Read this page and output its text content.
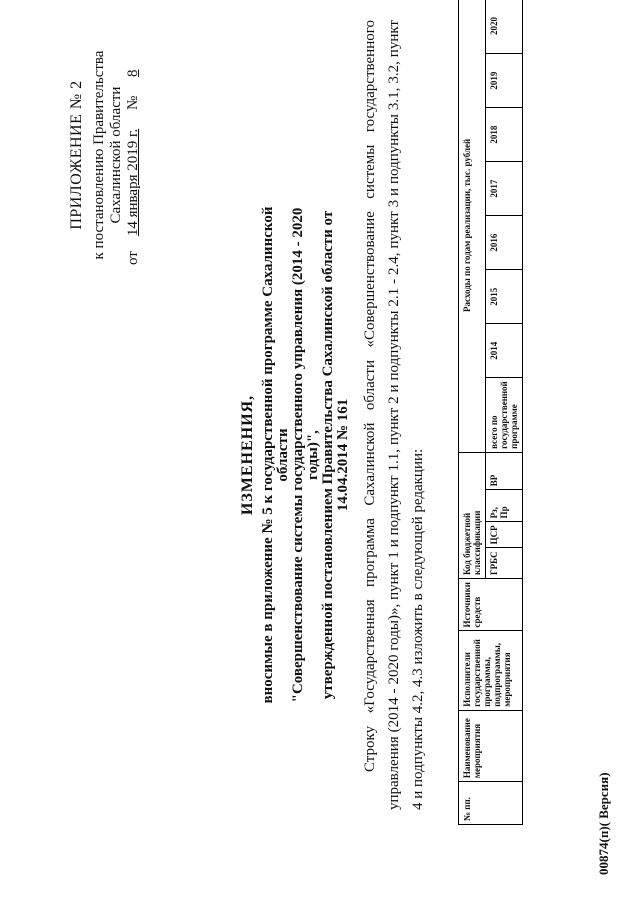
ПРИЛОЖЕНИЕ № 2 к постановлению Правительства Сахалинской области
от    14 января 2019 г.     №     8
ИЗМЕНЕНИЯ, вносимые в приложение № 5 к государственной программе Сахалинской области "Совершенствование системы государственного управления (2014 - 2020 годы)", утвержденной постановлением Правительства Сахалинской области от 14.04.2014 № 161 Строку «Государственная программа Сахалинской области «Совершенствование системы государственного управления (2014 - 2020 годы)», пункт 1 и подпункт 1.1, пункт 2 и подпункты 2.1 - 2.4, пункт 3 и подпункты 3.1, 3.2, пункт 4 и подпункты 4.2, 4.3 изложить в следующей редакции:	№ пп.	Наименование мероприятия	Исполнители государственной программы, подпрограммы, мероприятия	Источники средств	Код бюджетной классификации				Расходы по годам реализации, тыс. рублей							
				ГРБС	ЦСР	Рз, Пр	ВР	всего по государственной программе	2014	2015	2016	2017	2018	2019	2020
00874(п)( Версия)
